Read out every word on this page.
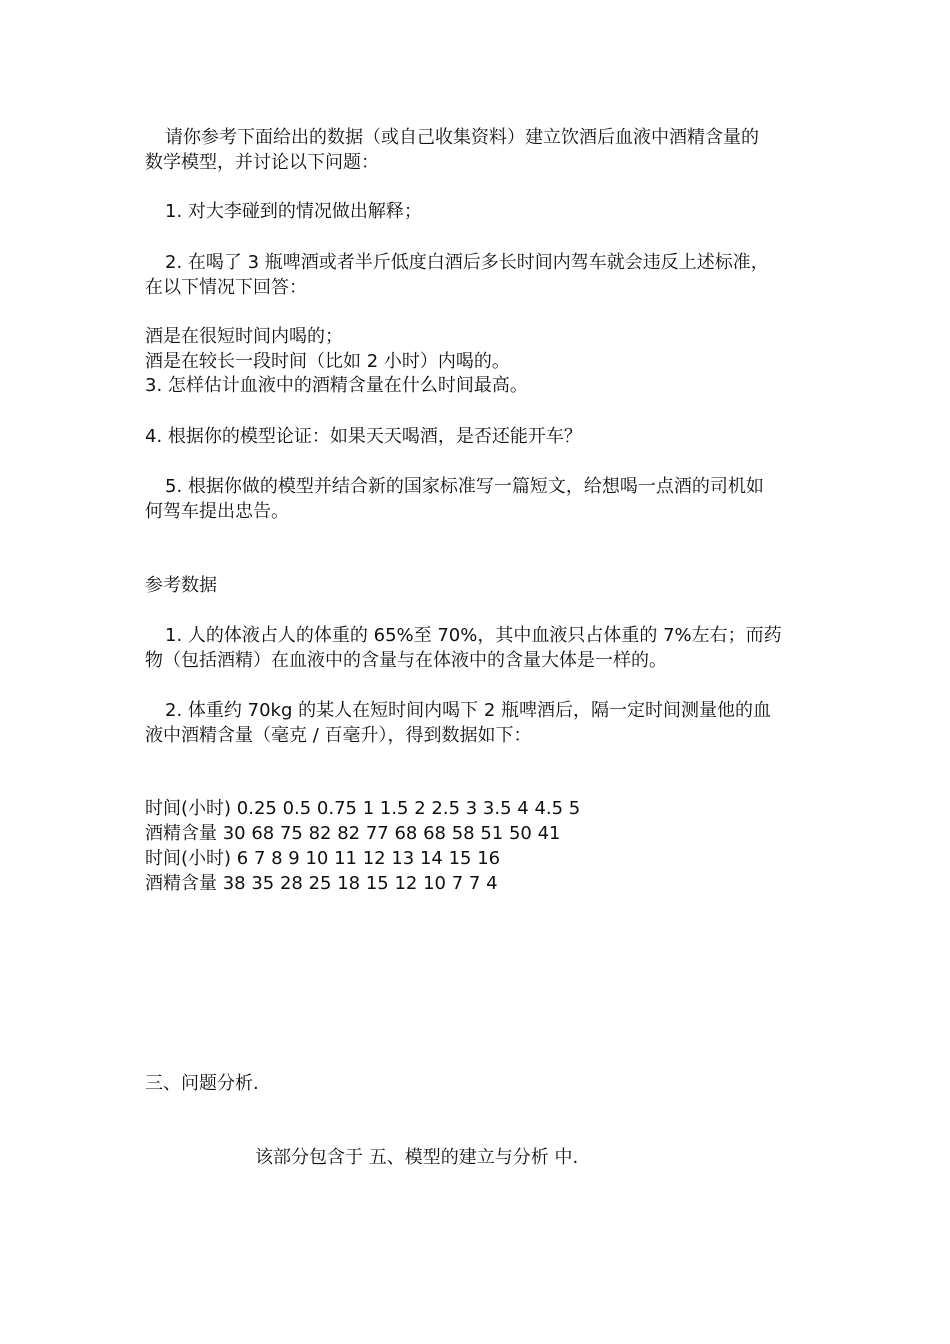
请你参考下面给出的数据（或自己收集资料）建立饮酒后血液中酒精含量的
数学模型，并讨论以下问题：
1. 对大李碰到的情况做出解释；
2. 在喝了 3 瓶啤酒或者半斤低度白酒后多长时间内驾车就会违反上述标准，
在以下情况下回答：
酒是在很短时间内喝的；
酒是在较长一段时间（比如 2 小时）内喝的。
3. 怎样估计血液中的酒精含量在什么时间最高。
4. 根据你的模型论证：如果天天喝酒，是否还能开车？
5. 根据你做的模型并结合新的国家标准写一篇短文，给想喝一点酒的司机如
何驾车提出忠告。
参考数据
1. 人的体液占人的体重的 65%至 70%，其中血液只占体重的 7%左右；而药
物（包括酒精）在血液中的含量与在体液中的含量大体是一样的。
2. 体重约 70kg 的某人在短时间内喝下 2 瓶啤酒后，隔一定时间测量他的血
液中酒精含量（毫克 / 百毫升），得到数据如下：
时间(小时) 0.25 0.5 0.75 1 1.5 2 2.5 3 3.5 4 4.5 5
酒精含量 30 68 75 82 82 77 68 68 58 51 50 41
时间(小时) 6 7 8 9 10 11 12 13 14 15 16
酒精含量 38 35 28 25 18 15 12 10 7 7 4
三、问题分析.
该部分包含于 五、模型的建立与分析 中.
